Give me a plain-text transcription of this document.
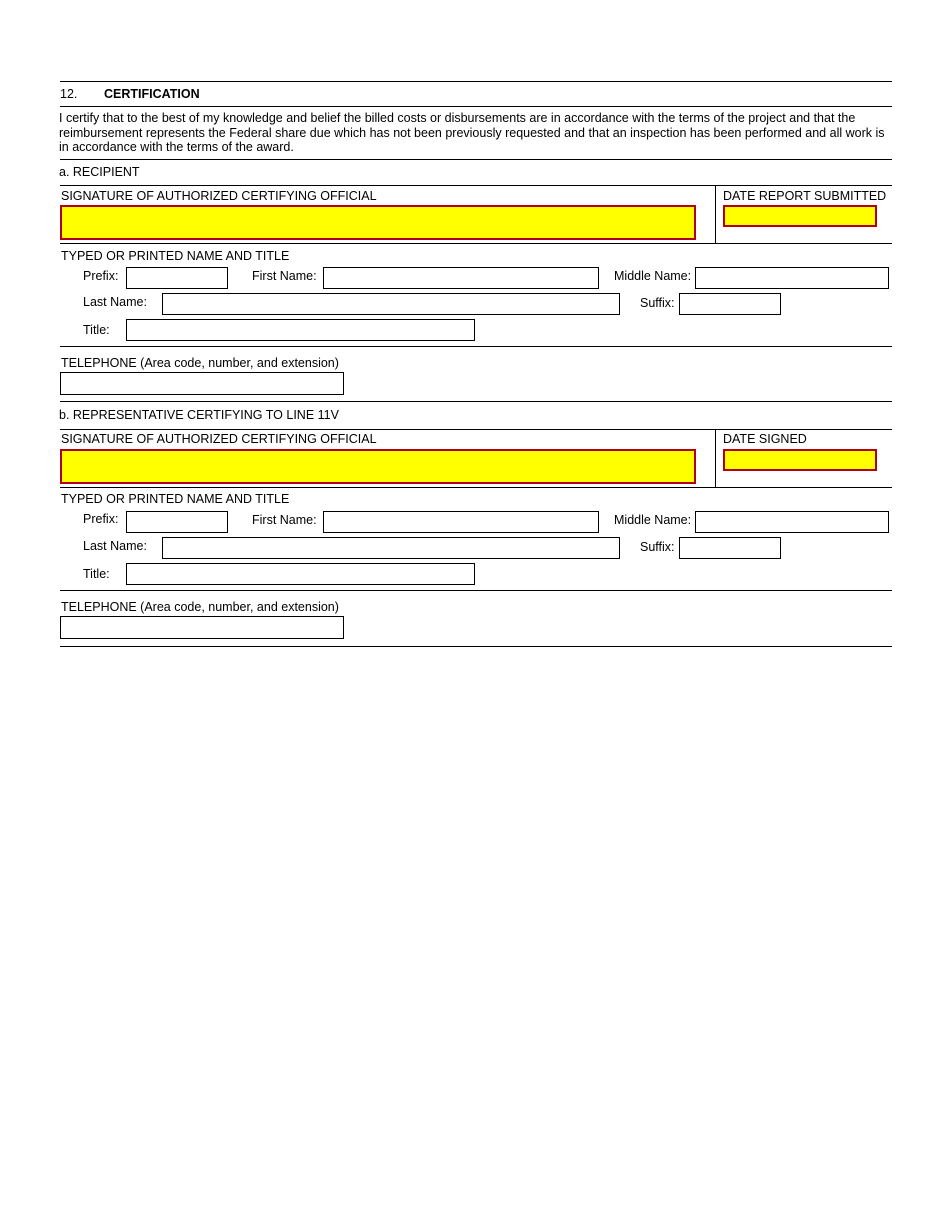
12. CERTIFICATION
I certify that to the best of my knowledge and belief the billed costs or disbursements are in accordance with the terms of the project and that the reimbursement represents the Federal share due which has not been previously requested and that an inspection has been performed and all work is in accordance with the terms of the award.
a. RECIPIENT
SIGNATURE OF AUTHORIZED CERTIFYING OFFICIAL	DATE REPORT SUBMITTED
TYPED OR PRINTED NAME AND TITLE
Prefix:	First Name:	Middle Name:
Last Name:	Suffix:
Title:
TELEPHONE (Area code, number, and extension)
b. REPRESENTATIVE CERTIFYING TO LINE 11V
SIGNATURE OF AUTHORIZED CERTIFYING OFFICIAL	DATE SIGNED
TYPED OR PRINTED NAME AND TITLE
Prefix:	First Name:	Middle Name:
Last Name:	Suffix:
Title:
TELEPHONE (Area code, number, and extension)
